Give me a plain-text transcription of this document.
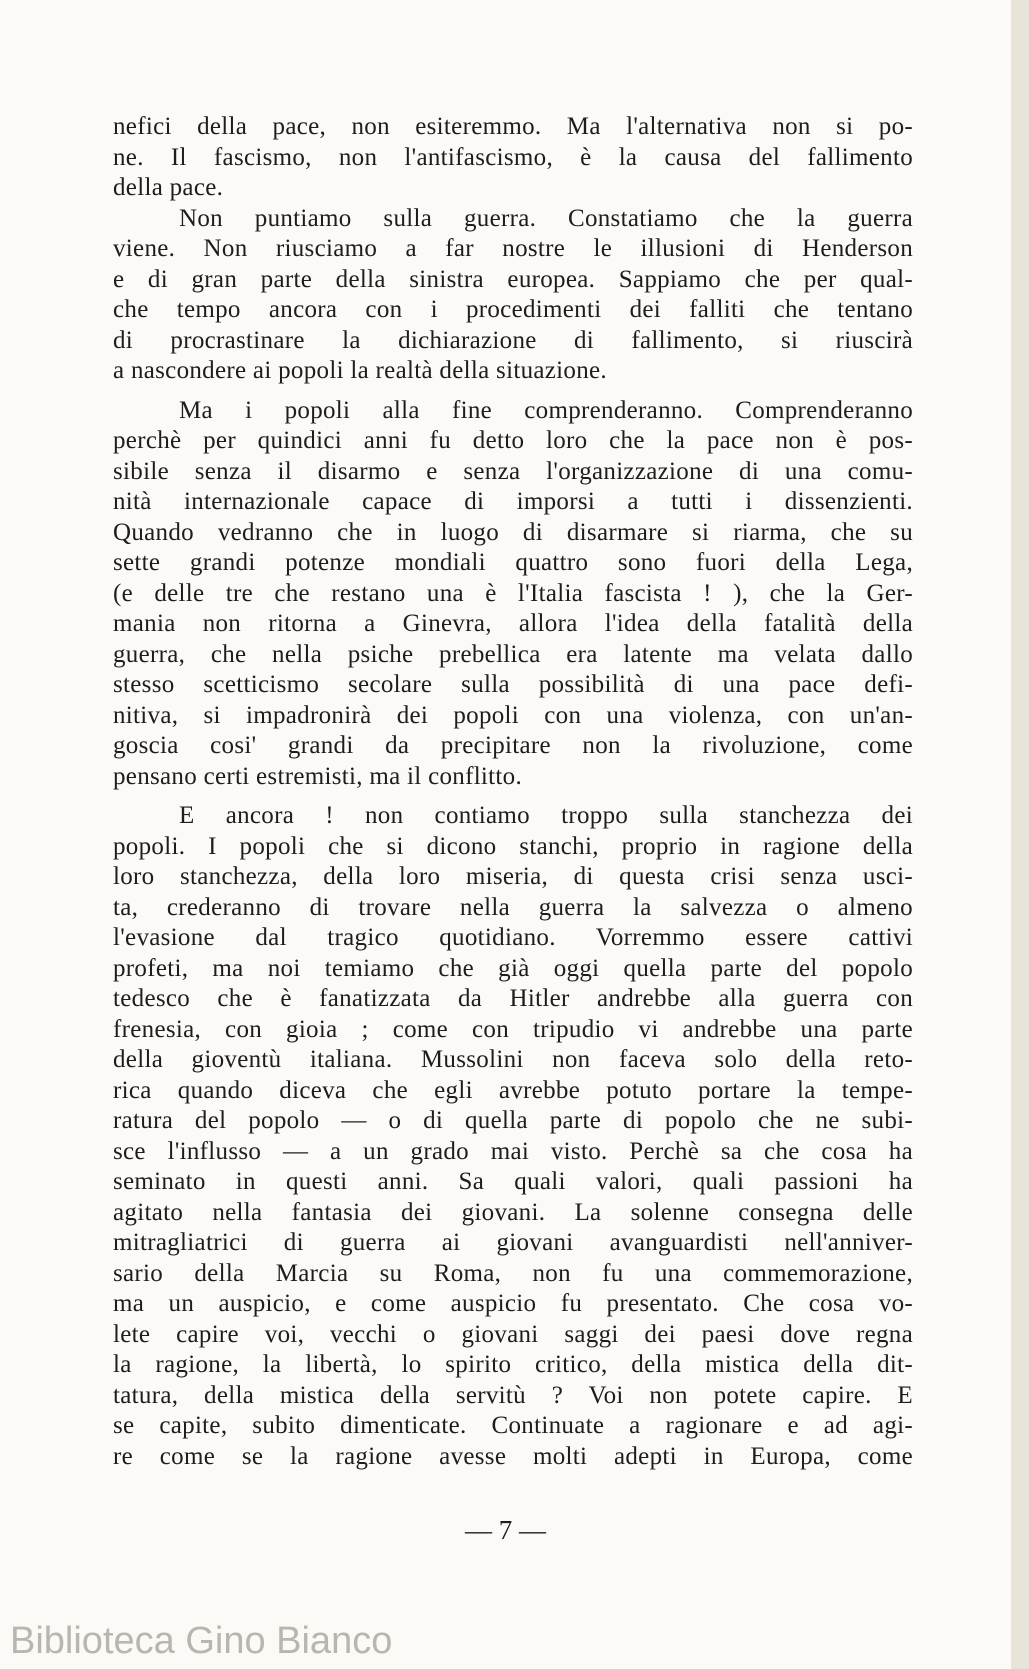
nefici della pace, non esiteremmo. Ma l'alternativa non si po-
ne. Il fascismo, non l'antifascismo, è la causa del fallimento
della pace.
Non puntiamo sulla guerra. Constatiamo che la guerra
viene. Non riusciamo a far nostre le illusioni di Henderson
e di gran parte della sinistra europea. Sappiamo che per qual-
che tempo ancora con i procedimenti dei falliti che tentano
di procrastinare la dichiarazione di fallimento, si riuscirà
a nascondere ai popoli la realtà della situazione.
Ma i popoli alla fine comprenderanno. Comprenderanno
perchè per quindici anni fu detto loro che la pace non è pos-
sibile senza il disarmo e senza l'organizzazione di una comu-
nità internazionale capace di imporsi a tutti i dissenzienti.
Quando vedranno che in luogo di disarmare si riarma, che su
sette grandi potenze mondiali quattro sono fuori della Lega,
(e delle tre che restano una è l'Italia fascista ! ), che la Ger-
mania non ritorna a Ginevra, allora l'idea della fatalità della
guerra, che nella psiche prebellica era latente ma velata dallo
stesso scetticismo secolare sulla possibilità di una pace defi-
nitiva, si impadronirà dei popoli con una violenza, con un'an-
goscia cosi' grandi da precipitare non la rivoluzione, come
pensano certi estremisti, ma il conflitto.
E ancora ! non contiamo troppo sulla stanchezza dei
popoli. I popoli che si dicono stanchi, proprio in ragione della
loro stanchezza, della loro miseria, di questa crisi senza usci-
ta, crederanno di trovare nella guerra la salvezza o almeno
l'evasione dal tragico quotidiano. Vorremmo essere cattivi
profeti, ma noi temiamo che già oggi quella parte del popolo
tedesco che è fanatizzata da Hitler andrebbe alla guerra con
frenesia, con gioia ; come con tripudio vi andrebbe una parte
della gioventù italiana. Mussolini non faceva solo della reto-
rica quando diceva che egli avrebbe potuto portare la tempe-
ratura del popolo — o di quella parte di popolo che ne subi-
sce l'influsso — a un grado mai visto. Perchè sa che cosa ha
seminato in questi anni. Sa quali valori, quali passioni ha
agitato nella fantasia dei giovani. La solenne consegna delle
mitragliatrici di guerra ai giovani avanguardisti nell'anniver-
sario della Marcia su Roma, non fu una commemorazione,
ma un auspicio, e come auspicio fu presentato. Che cosa vo-
lete capire voi, vecchi o giovani saggi dei paesi dove regna
la ragione, la libertà, lo spirito critico, della mistica della dit-
tatura, della mistica della servitù ? Voi non potete capire. E
se capite, subito dimenticate. Continuate a ragionare e ad agi-
re come se la ragione avesse molti adepti in Europa, come
— 7 —
Biblioteca Gino Bianco
